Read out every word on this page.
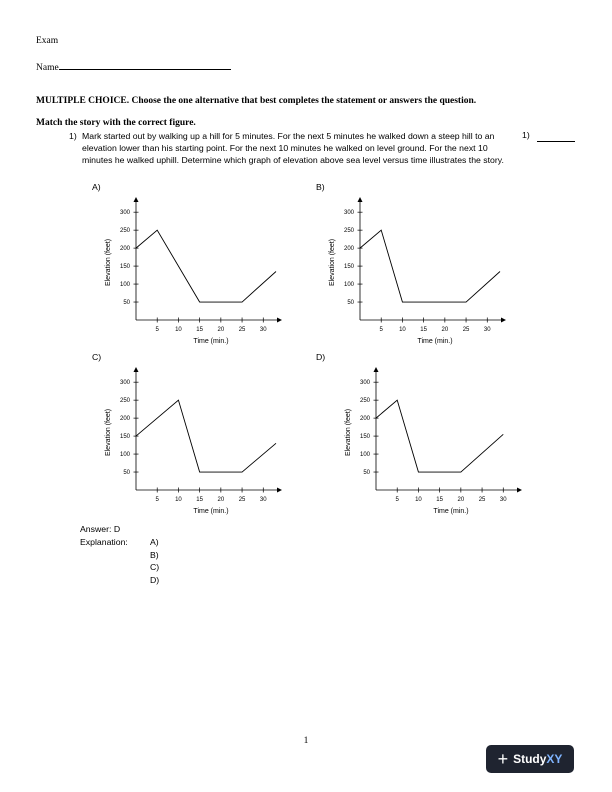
Exam
Name
MULTIPLE CHOICE. Choose the one alternative that best completes the statement or answers the question.
Match the story with the correct figure.
1) Mark started out by walking up a hill for 5 minutes. For the next 5 minutes he walked down a steep hill to an elevation lower than his starting point. For the next 10 minutes he walked on level ground. For the next 10 minutes he walked uphill. Determine which graph of elevation above sea level versus time illustrates the story.
1)
A)	B)
C)	D)
5	10 15 20 25 30
50
100
150
200
250
300
Time (min.)
Elevation (feet)
5	10 15 20 25 30
50
100
150
200
250
300
Time (min.)
Elevation (feet)
5	10 15 20 25 30
50
100
150
200
250
300
Time (min.)
Elevation (feet)
5	10 15 20 25 30
50
100
150
200
250
300
Time (min.)
Elevation (feet)
Answer: D
Explanation:	A)
B)
C)
D)
1
+ StudyXY
